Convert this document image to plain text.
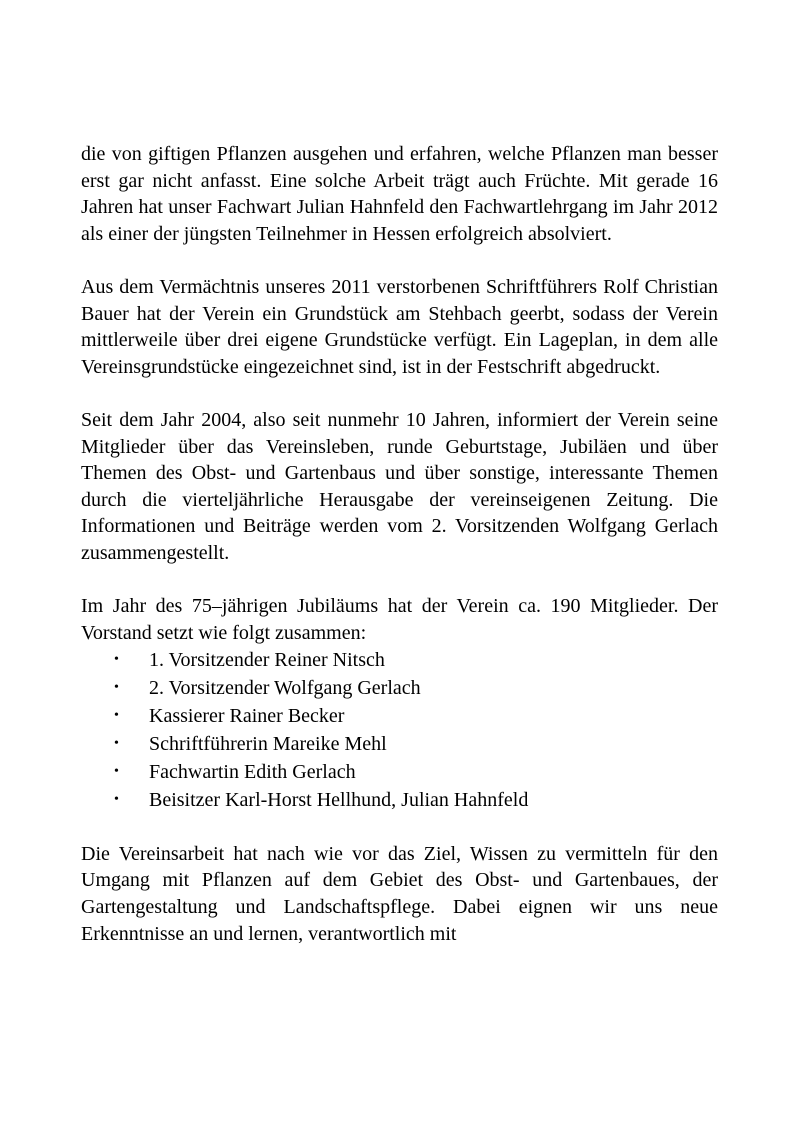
die von giftigen Pflanzen ausgehen und erfahren, welche Pflanzen man besser erst gar nicht anfasst. Eine solche Arbeit trägt auch Früchte. Mit gerade 16 Jahren hat unser Fachwart Julian Hahnfeld den Fachwartlehrgang im Jahr 2012 als einer der jüngsten Teilnehmer in Hessen erfolgreich absolviert.

Aus dem Vermächtnis unseres 2011 verstorbenen Schriftführers Rolf Christian Bauer hat der Verein ein Grundstück am Stehbach geerbt, sodass der Verein mittlerweile über drei eigene Grundstücke verfügt. Ein Lageplan, in dem alle Vereinsgrundstücke eingezeichnet sind, ist in der Festschrift abgedruckt.

Seit dem Jahr 2004, also seit nunmehr 10 Jahren, informiert der Verein seine Mitglieder über das Vereinsleben, runde Geburtstage, Jubiläen und über Themen des Obst- und Gartenbaus und über sonstige, interessante Themen durch die vierteljährliche Herausgabe der vereinseigenen Zeitung. Die Informationen und Beiträge werden vom 2. Vorsitzenden Wolfgang Gerlach zusammengestellt.

Im Jahr des 75–jährigen Jubiläums hat der Verein ca. 190 Mitglieder. Der Vorstand setzt wie folgt zusammen:

• 1. Vorsitzender Reiner Nitsch
• 2. Vorsitzender Wolfgang Gerlach
• Kassierer Rainer Becker
• Schriftführerin Mareike Mehl
• Fachwartin Edith Gerlach
• Beisitzer Karl-Horst Hellhund, Julian Hahnfeld

Die Vereinsarbeit hat nach wie vor das Ziel, Wissen zu vermitteln für den Umgang mit Pflanzen auf dem Gebiet des Obst- und Gartenbaues, der Gartengestaltung und Landschaftspflege. Dabei eignen wir uns neue Erkenntnisse an und lernen, verantwortlich mit
